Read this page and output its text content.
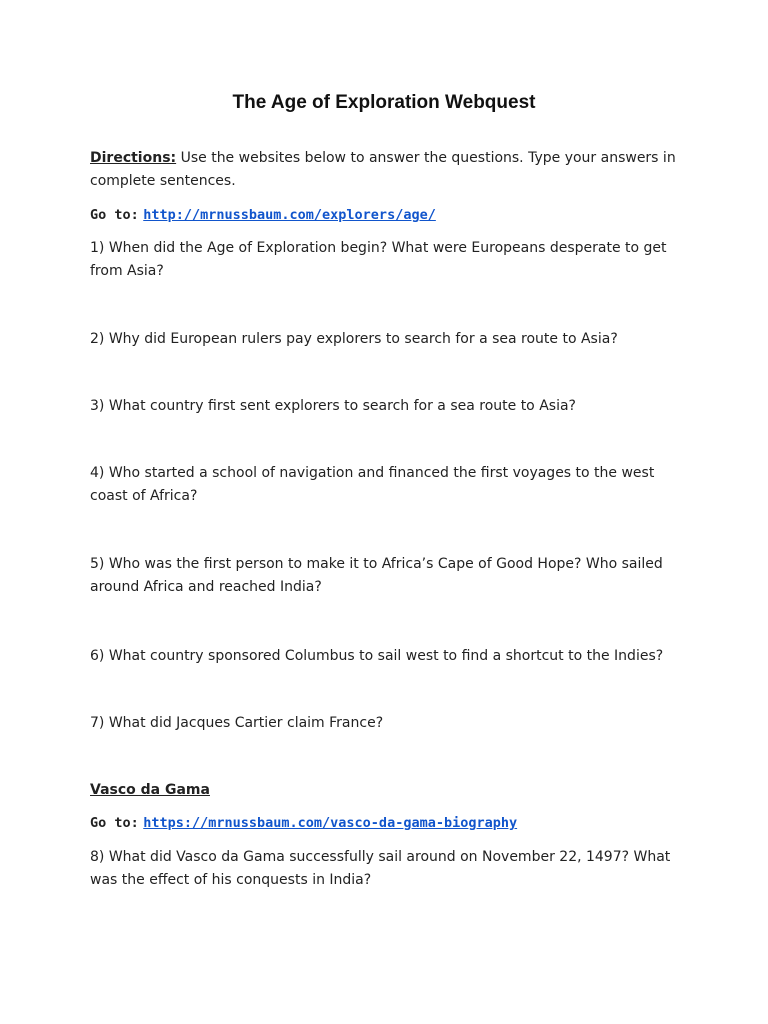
The Age of Exploration Webquest
Directions: Use the websites below to answer the questions. Type your answers in complete sentences.
Go to: http://mrnussbaum.com/explorers/age/
1) When did the Age of Exploration begin? What were Europeans desperate to get from Asia?
2) Why did European rulers pay explorers to search for a sea route to Asia?
3) What country first sent explorers to search for a sea route to Asia?
4) Who started a school of navigation and financed the first voyages to the west coast of Africa?
5) Who was the first person to make it to Africa’s Cape of Good Hope? Who sailed around Africa and reached India?
6) What country sponsored Columbus to sail west to find a shortcut to the Indies?
7) What did Jacques Cartier claim France?
Vasco da Gama
Go to: https://mrnussbaum.com/vasco-da-gama-biography
8) What did Vasco da Gama successfully sail around on November 22, 1497? What was the effect of his conquests in India?
